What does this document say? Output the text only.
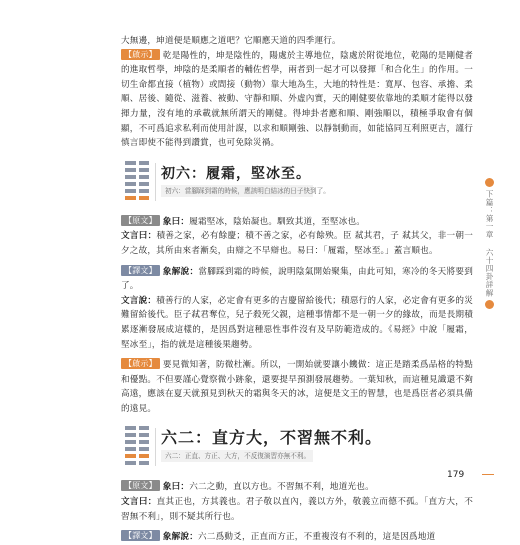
大無邊，坤道便是順應之道吧？它順應天道的四季運行。

【啟示】 乾是陽性的，坤是陰性的，陽處於主導地位，陰處於附從地位，乾陽的是剛健者的進取哲學，坤陰的是柔順者的輔佐哲學，兩者到一起才可以發揮「和合化生」的作用。一切生命都直接（植物）或間接（動物）靠大地為生，大地的特性是：寬厚、包容、承擔、柔順、居後、隨從、滋養、被動、守靜和順、外虛內實，天的剛健要依靠地的柔順才能得以發揮力量，沒有地的承載就無所謂天的剛健。得坤卦者應和順、剛強順以，積極爭取會有個顯，不可爲追求私利而使用計謀，以求和順剛強、以靜制動而，如能協同互利照更吉，謹行慎言即使不能得到讚賞，也可免除災禍。

初六：履霜，堅冰至。
初六：當腳踩到霜的時候，應該明白結冰的日子快到了。

【原文】 象曰：履霜堅冰，陰始凝也。馴致其道，至堅冰也。

文言曰：積善之家，必有餘慶；積不善之家，必有餘殃。臣 弒其君，子 弒其父，非一朝一夕之故，其所由來者漸矣，由辯之不早辯也。易曰：「履霜，堅冰至。」蓋言順也。

【譯文】 象解說：當腳踩到霜的時候，說明陰氣開始聚集，由此可知，寒冷的冬天將要到了。

文言說：積善行的人家，必定會有更多的吉慶留給後代；積惡行的人家，必定會有更多的災難留給後代。臣子弒君奪位，兒子殺死父親，這種事情都不是一朝一夕的緣故，而是長期積累逐漸發展成這樣的，是因爲對這種惡性事件沒有及早防範造成的。《易經》中說「履霜，堅冰至」，指的就是這種後果趨勢。

【啟示】 要見微知著，防微杜漸。所以，一開始就要讓小饑做：這正是踏柔爲品格的特點和優點。不但要謹心覺察微小跡象，還要提早預測發展趨勢。一葉知秋，而這種見識還不夠高遠，應該在夏天就預見到秋天的霜與冬天的冰，這便是文王的智慧，也是爲臣者必須具備的遠見。

六二：直方大，不習無不利。
六二：正直、方正、大方，不反復演習亦無不利。

【原文】 象曰：六二之動，直以方也。不習無不利，地道光也。

文言曰：直其正也，方其義也。君子敬以直內，義以方外，敬義立而德不孤。「直方大，不習無不利」，則不疑其所行也。

【譯文】 象解說：六二爲動爻，正直而方正，不重複沒有不利的，這是因爲地道

下篇：第一章 六十四卦詳解
179
